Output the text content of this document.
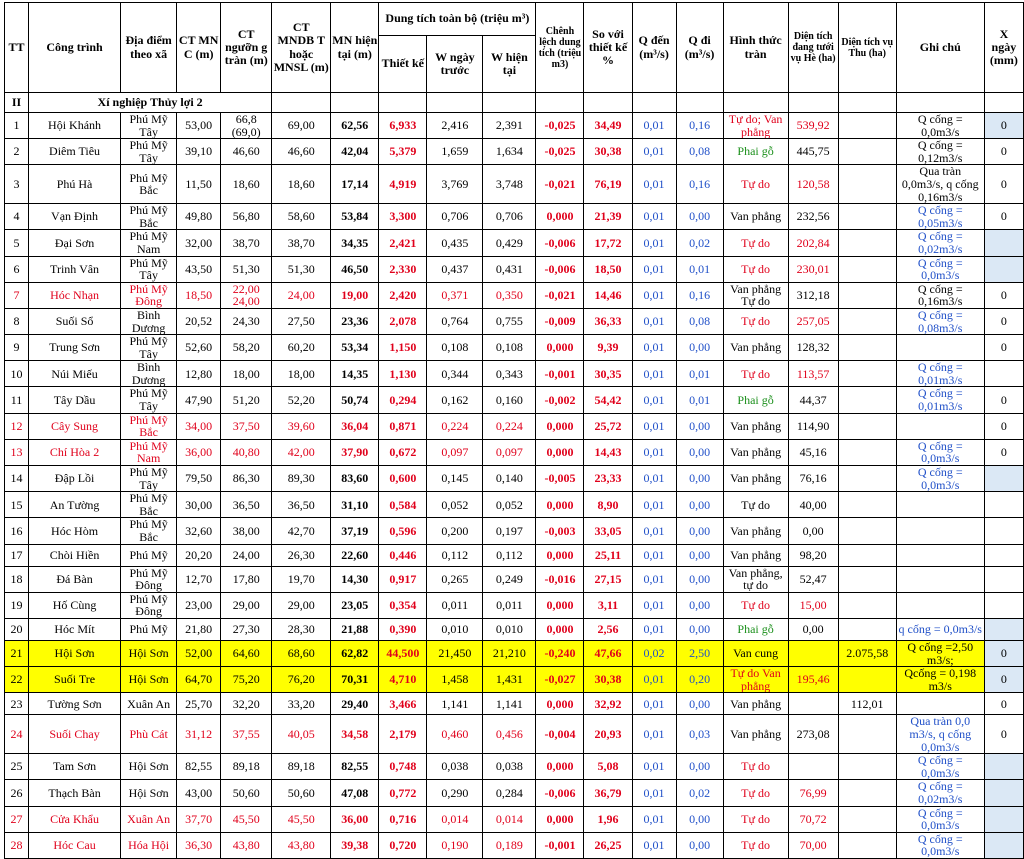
TT	Công trình	Địa điểm theo xã	CT MN C (m)	CT ngưỡn g tràn (m)	CT MNDB T hoặc MNSL (m)	MN hiện tại (m)	Dung tích toàn bộ (triệu m³)			Chênh lệch dung tích (triệu m3)	So với thiết kế %	Q đến (m³/s)	Q đi (m³/s)	Hình thức tràn	Diện tích đang tưới vụ Hè (ha)	Diện tích vụ Thu (ha)	Ghi chú	X ngày (mm)
							Thiết kế	W ngày trước	W hiện tại									
II	Xí nghiệp Thủy lợi 2																	
1	Hội Khánh	Phú Mỹ Tây	53,00	66,8 (69,0)	69,00	62,56	6,933	2,416	2,391	-0,025	34,49	0,01	0,16	Tự do; Van phẳng	539,92		Q cống = 0,0m3/s	0
2	Diêm Tiêu	Phú Mỹ Tây	39,10	46,60	46,60	42,04	5,379	1,659	1,634	-0,025	30,38	0,01	0,08	Phai gỗ	445,75		Q cống = 0,12m3/s	0
3	Phú Hà	Phú Mỹ Bắc	11,50	18,60	18,60	17,14	4,919	3,769	3,748	-0,021	76,19	0,01	0,16	Tự do	120,58		Qua tràn 0,0m3/s, q cống 0,16m3/s	0
4	Vạn Định	Phú Mỹ Bắc	49,80	56,80	58,60	53,84	3,300	0,706	0,706	0,000	21,39	0,01	0,00	Van phẳng	232,56		Q cống = 0,05m3/s	0
5	Đại Sơn	Phú Mỹ Nam	32,00	38,70	38,70	34,35	2,421	0,435	0,429	-0,006	17,72	0,01	0,02	Tự do	202,84		Q cống = 0,02m3/s	
6	Trinh Vân	Phú Mỹ Tây	43,50	51,30	51,30	46,50	2,330	0,437	0,431	-0,006	18,50	0,01	0,01	Tự do	230,01		Q cống = 0,0m3/s	
7	Hóc Nhạn	Phú Mỹ Đông	18,50	22,00 24,00	24,00	19,00	2,420	0,371	0,350	-0,021	14,46	0,01	0,16	Van phẳng Tự do	312,18		Q cống = 0,16m3/s	0
8	Suối Sổ	Bình Dương	20,52	24,30	27,50	23,36	2,078	0,764	0,755	-0,009	36,33	0,01	0,08	Tự do	257,05		Q cống = 0,08m3/s	0
9	Trung Sơn	Phú Mỹ Tây	52,60	58,20	60,20	53,34	1,150	0,108	0,108	0,000	9,39	0,01	0,00	Van phẳng	128,32			0
10	Núi Miếu	Bình Dương	12,80	18,00	18,00	14,35	1,130	0,344	0,343	-0,001	30,35	0,01	0,01	Tự do	113,57		Q cống = 0,01m3/s	
11	Tây Dầu	Phú Mỹ Tây	47,90	51,20	52,20	50,74	0,294	0,162	0,160	-0,002	54,42	0,01	0,01	Phai gỗ	44,37		Q cống = 0,01m3/s	0
12	Cây Sung	Phú Mỹ Bắc	34,00	37,50	39,60	36,04	0,871	0,224	0,224	0,000	25,72	0,01	0,00	Van phẳng	114,90			0
13	Chí Hòa 2	Phú Mỹ Nam	36,00	40,80	42,00	37,90	0,672	0,097	0,097	0,000	14,43	0,01	0,00	Van phẳng	45,16		Q cống = 0,0m3/s	0
14	Đập Lồi	Phú Mỹ Tây	79,50	86,30	89,30	83,60	0,600	0,145	0,140	-0,005	23,33	0,01	0,00	Van phẳng	76,16		Q cống = 0,0m3/s	
15	An Tường	Phú Mỹ Bắc	30,00	36,50	36,50	31,10	0,584	0,052	0,052	0,000	8,90	0,01	0,00	Tự do	40,00			
16	Hóc Hòm	Phú Mỹ Bắc	32,60	38,00	42,70	37,19	0,596	0,200	0,197	-0,003	33,05	0,01	0,00	Van phẳng	0,00			
17	Chòi Hiền	Phú Mỹ	20,20	24,00	26,30	22,60	0,446	0,112	0,112	0,000	25,11	0,01	0,00	Van phẳng	98,20			
18	Đá Bàn	Phú Mỹ Đông	12,70	17,80	19,70	14,30	0,917	0,265	0,249	-0,016	27,15	0,01	0,00	Van phẳng, tự do	52,47			
19	Hố Cùng	Phú Mỹ Đông	23,00	29,00	29,00	23,05	0,354	0,011	0,011	0,000	3,11	0,01	0,00	Tự do	15,00			
20	Hóc Mít	Phú Mỹ	21,80	27,30	28,30	21,88	0,390	0,010	0,010	0,000	2,56	0,01	0,00	Phai gỗ	0,00		q cống = 0,0m3/s	
21	Hội Sơn	Hội Sơn	52,00	64,60	68,60	62,82	44,500	21,450	21,210	-0,240	47,66	0,02	2,50	Van cung		2.075,58	Q cống =2,50 m3/s;	0
22	Suối Tre	Hội Sơn	64,70	75,20	76,20	70,31	4,710	1,458	1,431	-0,027	30,38	0,01	0,20	Tự do Van phẳng	195,46		Qcống = 0,198 m3/s	0
23	Tường Sơn	Xuân An	25,70	32,20	33,20	29,40	3,466	1,141	1,141	0,000	32,92	0,01	0,00	Van phẳng		112,01		0
24	Suối Chay	Phù Cát	31,12	37,55	40,05	34,58	2,179	0,460	0,456	-0,004	20,93	0,01	0,03	Van phẳng	273,08		Qua tràn 0,0 m3/s, q cống 0,0m3/s	0
25	Tam Sơn	Hội Sơn	82,55	89,18	89,18	82,55	0,748	0,038	0,038	0,000	5,08	0,01	0,00	Tự do			Q cống = 0,0m3/s	
26	Thạch Bàn	Hội Sơn	43,00	50,60	50,60	47,08	0,772	0,290	0,284	-0,006	36,79	0,01	0,02	Tự do	76,99		Q cống = 0,02m3/s	
27	Cửa Khẩu	Xuân An	37,70	45,50	45,50	36,00	0,716	0,014	0,014	0,000	1,96	0,01	0,00	Tự do	70,72		Q cống = 0,0m3/s	
28	Hóc Cau	Hóa Hội	36,30	43,80	43,80	39,38	0,720	0,190	0,189	-0,001	26,25	0,01	0,00	Tự do	70,00		Q cống = 0,0m3/s	
